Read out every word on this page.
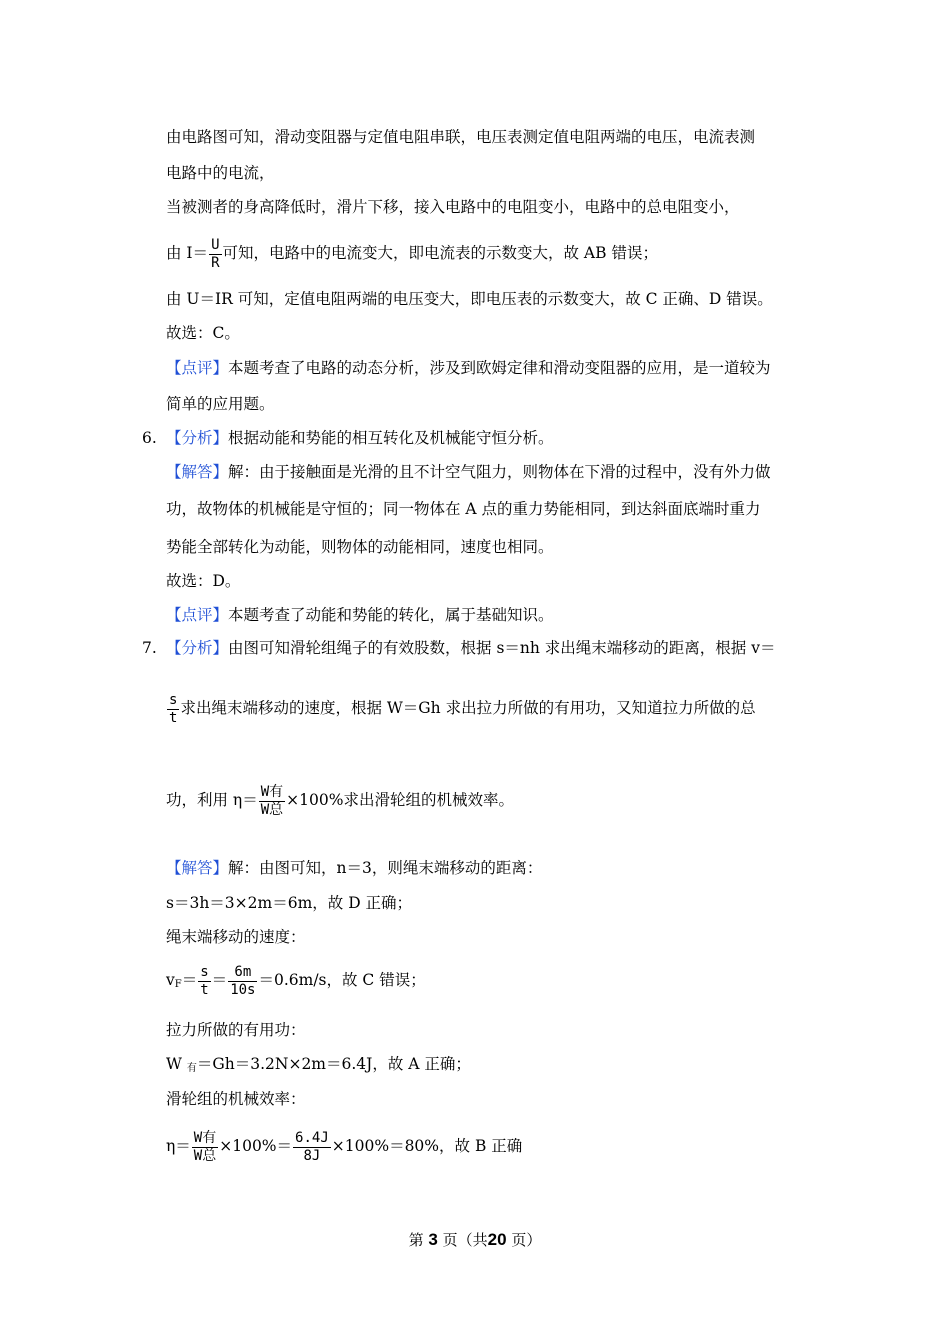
由电路图可知，滑动变阻器与定值电阻串联，电压表测定值电阻两端的电压，电流表测
电路中的电流，
当被测者的身高降低时，滑片下移，接入电路中的电阻变小，电路中的总电阻变小，
由 $I= \frac{U}{R}$ 可知，电路中的电流变大，即电流表的示数变大，故 AB 错误；
由 U＝IR 可知，定值电阻两端的电压变大，即电压表的示数变大，故 C 正确、D 错误。
故选：C。
【点评】本题考查了电路的动态分析，涉及到欧姆定律和滑动变阻器的应用，是一道较为
简单的应用题。
6. 【分析】根据动能和势能的相互转化及机械能守恒分析。
【解答】解：由于接触面是光滑的且不计空气阻力，则物体在下滑的过程中，没有外力做
功，故物体的机械能是守恒的；同一物体在 A 点的重力势能相同，到达斜面底端时重力
势能全部转化为动能，则物体的动能相同，速度也相同。
故选：D。
【点评】本题考查了动能和势能的转化，属于基础知识。
7. 【分析】由图可知滑轮组绳子的有效股数，根据 s＝nh 求出绳末端移动的距离，根据 v＝
$\frac{s}{t}$ 求出绳末端移动的速度，根据 W＝Gh 求出拉力所做的有用功，又知道拉力所做的总
功，利用 $\eta= \frac{\text{W有}}{\text{W总}} \times 100\%$求出滑轮组的机械效率。
【解答】解：由图可知，n＝3，则绳末端移动的距离：
s＝3h＝3×2m＝6m，故 D 正确；
绳末端移动的速度：
$v_F= \frac{s}{t} = \frac{6m}{10s} =0.6m/s$，故 C 错误；
拉力所做的有用功：
W $_有$＝Gh＝3.2N×2m＝6.4J，故 A 正确；
滑轮组的机械效率：
$\eta= \frac{\text{W有}}{\text{W总}} \times 100\%= \frac{6.4J}{8J} \times 100\%=80\%$，故 B 正确
第 3 页（共20 页）
